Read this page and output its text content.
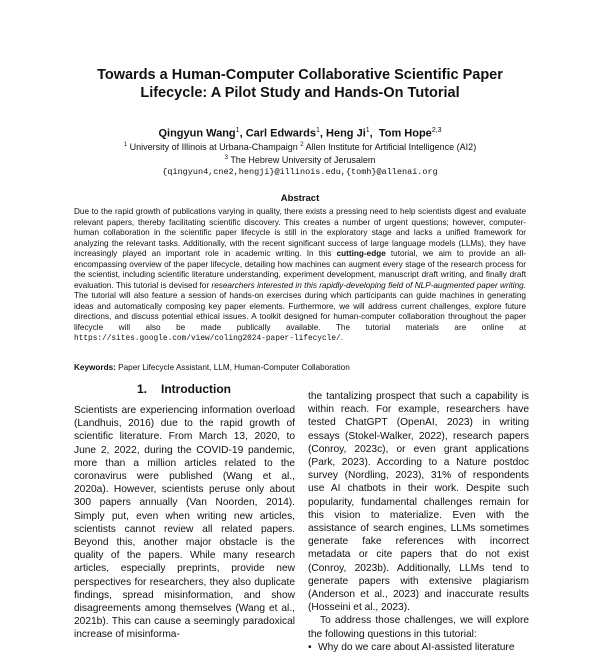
Towards a Human-Computer Collaborative Scientific Paper
Lifecycle: A Pilot Study and Hands-On Tutorial
Qingyun Wang$^1$, Carl Edwards$^1$, Heng Ji$^1$,  Tom Hope$^{2,3}$
$^1$ University of Illinois at Urbana-Champaign $^2$ Allen Institute for Artificial Intelligence (AI2)
$^3$ The Hebrew University of Jerusalem
{qingyun4,cne2,hengji}@illinois.edu,{tomh}@allenai.org
Abstract
Due to the rapid growth of publications varying in quality, there exists a pressing need to help scientists digest and evaluate relevant papers, thereby facilitating scientific discovery. This creates a number of urgent questions; however, computer-human collaboration in the scientific paper lifecycle is still in the exploratory stage and lacks a unified framework for analyzing the relevant tasks. Additionally, with the recent significant success of large language models (LLMs), they have increasingly played an important role in academic writing. In this cutting-edge tutorial, we aim to provide an all-encompassing overview of the paper lifecycle, detailing how machines can augment every stage of the research process for the scientist, including scientific literature understanding, experiment development, manuscript draft writing, and finally draft evaluation. This tutorial is devised for researchers interested in this rapidly-developing field of NLP-augmented paper writing. The tutorial will also feature a session of hands-on exercises during which participants can guide machines in generating ideas and automatically composing key paper elements. Furthermore, we will address current challenges, explore future directions, and discuss potential ethical issues. A toolkit designed for human-computer collaboration throughout the paper lifecycle will also be made publically available. The tutorial materials are online at https://sites.google.com/view/coling2024-paper-lifecycle/.
Keywords: Paper Lifecycle Assistant, LLM, Human-Computer Collaboration
1. Introduction

Scientists are experiencing information overload (Landhuis, 2016) due to the rapid growth of scientific literature. From March 13, 2020, to June 2, 2022, during the COVID-19 pandemic, more than a million articles related to the coronavirus were published (Wang et al., 2020a). However, scientists peruse only about 300 papers annually (Van Noorden, 2014). Simply put, even when writing new articles, scientists cannot review all related papers. Beyond this, another major obstacle is the quality of the papers. While many research articles, especially preprints, provide new perspectives for researchers, they also duplicate findings, spread misinformation, and show disagreements among themselves (Wang et al., 2021b). This can cause a seemingly paradoxical increase of misinforma-

the tantalizing prospect that such a capability is within reach. For example, researchers have tested ChatGPT (OpenAI, 2023) in writing essays (Stokel-Walker, 2022), research papers (Conroy, 2023c), or even grant applications (Park, 2023). According to a Nature postdoc survey (Nordling, 2023), 31% of respondents use AI chatbots in their work. Despite such popularity, fundamental challenges remain for this vision to materialize. Even with the assistance of search engines, LLMs sometimes generate fake references with incorrect metadata or cite papers that do not exist (Conroy, 2023b). Additionally, LLMs tend to generate papers with extensive plagiarism (Anderson et al., 2023) and inaccurate results (Hosseini et al., 2023).

To address those challenges, we will explore the following questions in this tutorial:

• Why do we care about AI-assisted literature
